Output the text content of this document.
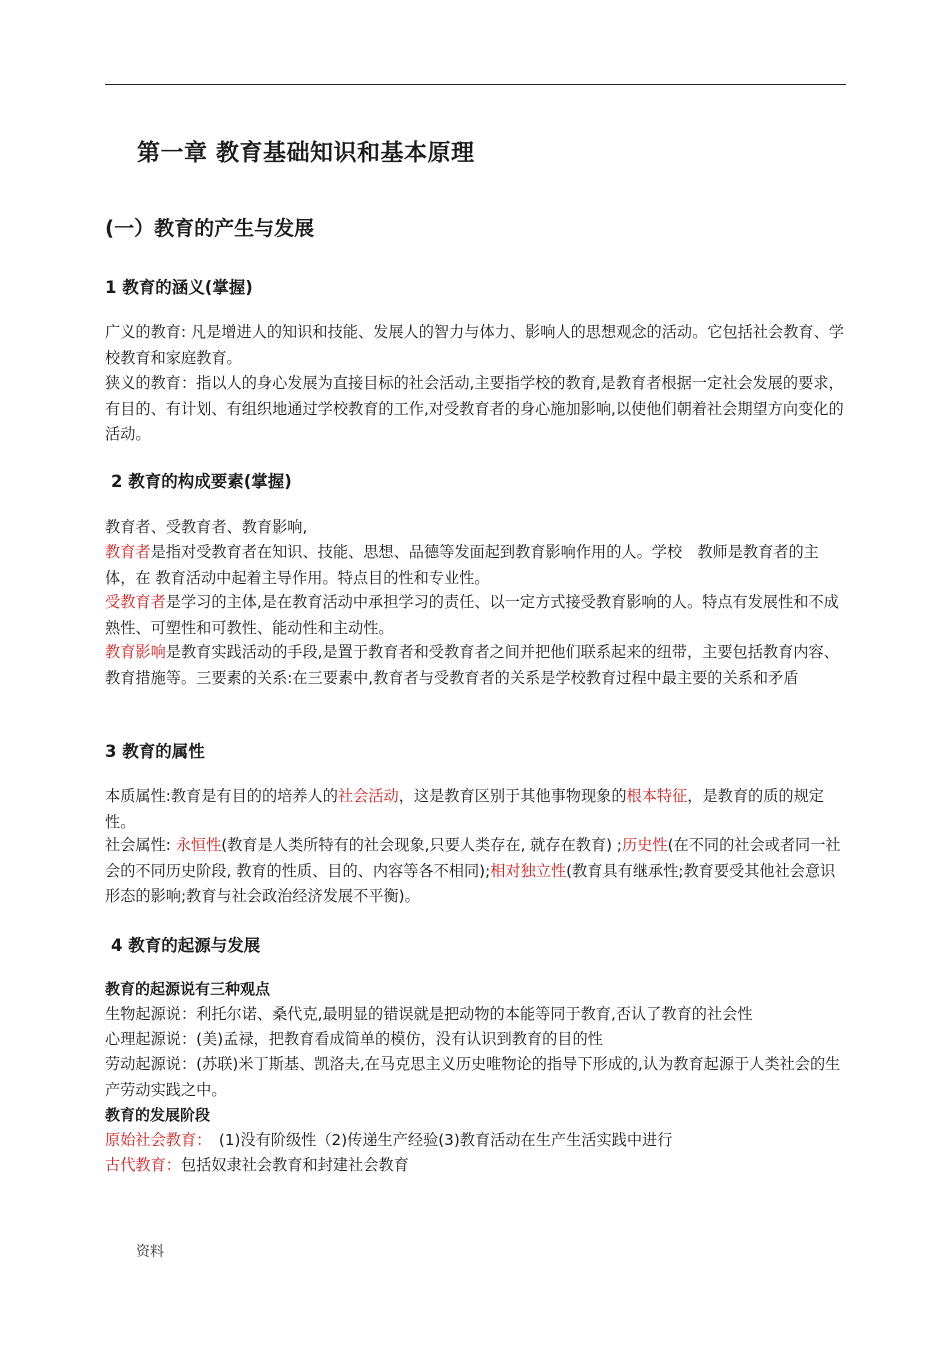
第一章 教育基础知识和基本原理
(一）教育的产生与发展
1 教育的涵义(掌握)
广义的教育: 凡是增进人的知识和技能、发展人的智力与体力、影响人的思想观念的活动。它包括社会教育、学校教育和家庭教育。
狭义的教育：指以人的身心发展为直接目标的社会活动,主要指学校的教育,是教育者根据一定社会发展的要求，有目的、有计划、有组织地通过学校教育的工作,对受教育者的身心施加影响,以使他们朝着社会期望方向变化的活动。
2 教育的构成要素(掌握)
教育者、受教育者、教育影响,
教育者是指对受教育者在知识、技能、思想、品德等发面起到教育影响作用的人。学校　教师是教育者的主体，在 教育活动中起着主导作用。特点目的性和专业性。
受教育者是学习的主体,是在教育活动中承担学习的责任、以一定方式接受教育影响的人。特点有发展性和不成熟性、可塑性和可教性、能动性和主动性。
教育影响是教育实践活动的手段,是置于教育者和受教育者之间并把他们联系起来的纽带，主要包括教育内容、教育措施等。三要素的关系:在三要素中,教育者与受教育者的关系是学校教育过程中最主要的关系和矛盾
3 教育的属性
本质属性:教育是有目的的培养人的社会活动，这是教育区别于其他事物现象的根本特征，是教育的质的规定性。
社会属性: 永恒性(教育是人类所特有的社会现象,只要人类存在, 就存在教育) ;历史性(在不同的社会或者同一社会的不同历史阶段, 教育的性质、目的、内容等各不相同);相对独立性(教育具有继承性;教育要受其他社会意识形态的影响;教育与社会政治经济发展不平衡)。
4 教育的起源与发展
教育的起源说有三种观点
生物起源说：利托尔诺、桑代克,最明显的错误就是把动物的本能等同于教育,否认了教育的社会性
心理起源说：(美)孟禄，把教育看成简单的模仿，没有认识到教育的目的性
劳动起源说：(苏联)米丁斯基、凯洛夫,在马克思主义历史唯物论的指导下形成的,认为教育起源于人类社会的生产劳动实践之中。
教育的发展阶段
原始社会教育：　(1)没有阶级性（2)传递生产经验(3)教育活动在生产生活实践中进行
古代教育：包括奴隶社会教育和封建社会教育
资料
